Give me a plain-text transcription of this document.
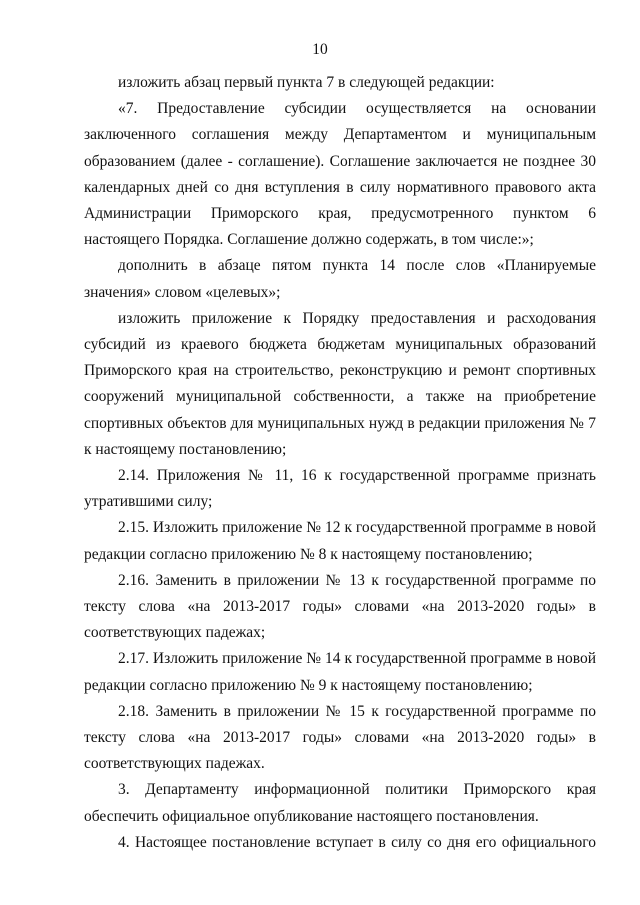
10

изложить абзац первый пункта 7 в следующей редакции:

«7. Предоставление субсидии осуществляется на основании заключенного соглашения между Департаментом и муниципальным образованием (далее - соглашение). Соглашение заключается не позднее 30 календарных дней со дня вступления в силу нормативного правового акта Администрации Приморского края, предусмотренного пунктом 6 настоящего Порядка. Соглашение должно содержать, в том числе:»;

дополнить в абзаце пятом пункта 14 после слов «Планируемые значения» словом «целевых»;

изложить приложение к Порядку предоставления и расходования субсидий из краевого бюджета бюджетам муниципальных образований Приморского края на строительство, реконструкцию и ремонт спортивных сооружений муниципальной собственности, а также на приобретение спортивных объектов для муниципальных нужд в редакции приложения № 7 к настоящему постановлению;

2.14. Приложения № 11, 16 к государственной программе признать утратившими силу;

2.15. Изложить приложение № 12 к государственной программе в новой редакции согласно приложению № 8 к настоящему постановлению;

2.16. Заменить в приложении № 13 к государственной программе по тексту слова «на 2013-2017 годы» словами «на 2013-2020 годы» в соответствующих падежах;

2.17. Изложить приложение № 14 к государственной программе в новой редакции согласно приложению № 9 к настоящему постановлению;

2.18. Заменить в приложении № 15 к государственной программе по тексту слова «на 2013-2017 годы» словами «на 2013-2020 годы» в соответствующих падежах.

3. Департаменту информационной политики Приморского края обеспечить официальное опубликование настоящего постановления.

4. Настоящее постановление вступает в силу со дня его официального
